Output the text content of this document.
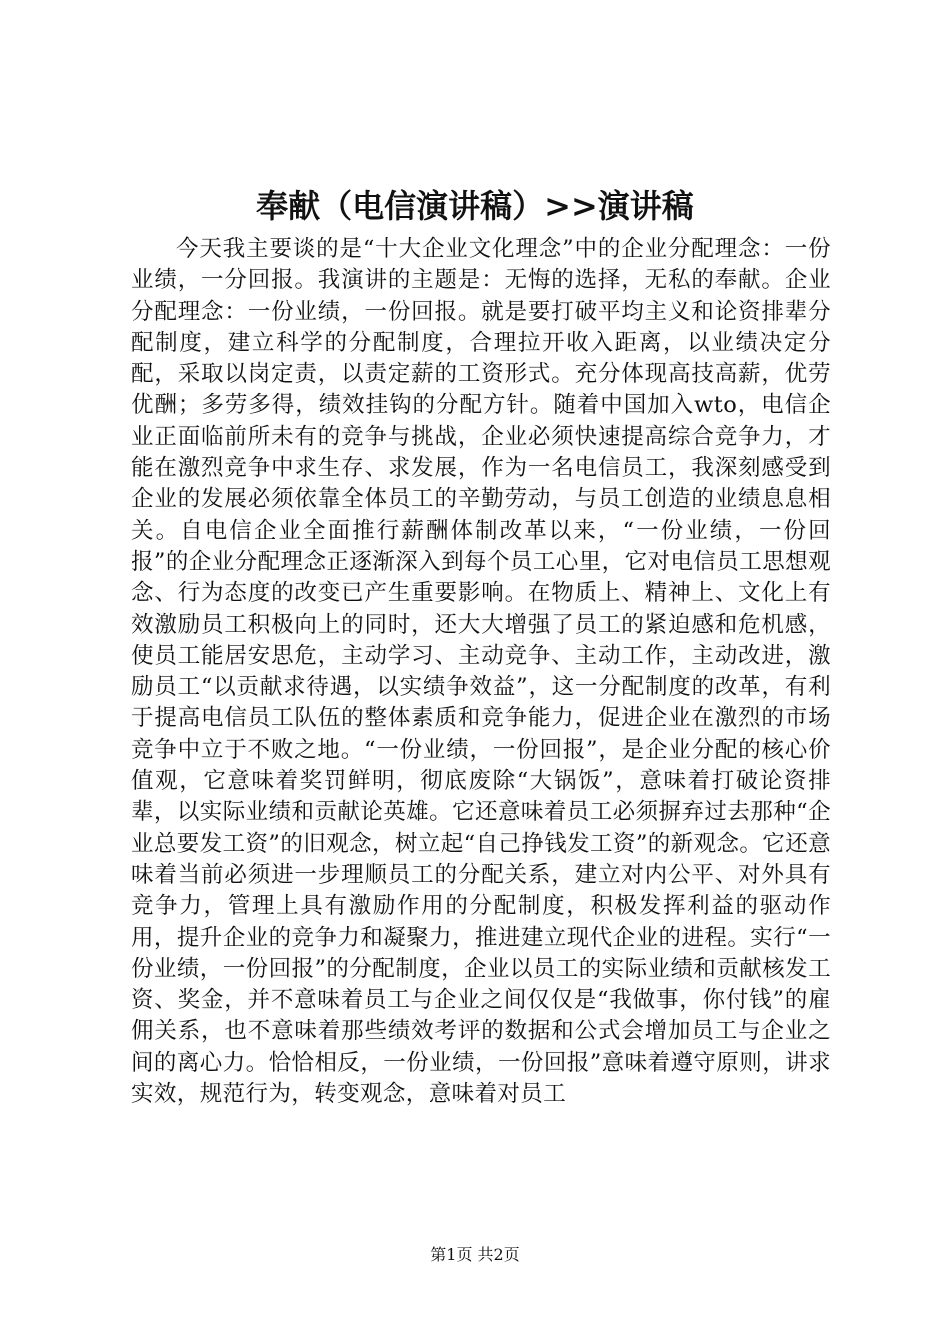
奉献（电信演讲稿）>>演讲稿

今天我主要谈的是“十大企业文化理念”中的企业分配理念：一份业绩，一分回报。我演讲的主题是：无悔的选择，无私的奉献。企业分配理念：一份业绩，一份回报。就是要打破平均主义和论资排辈分配制度，建立科学的分配制度，合理拉开收入距离，以业绩决定分配，采取以岗定责，以责定薪的工资形式。充分体现高技高薪，优劳优酬；多劳多得，绩效挂钩的分配方针。随着中国加入wto，电信企业正面临前所未有的竞争与挑战，企业必须快速提高综合竞争力，才能在激烈竞争中求生存、求发展，作为一名电信员工，我深刻感受到企业的发展必须依靠全体员工的辛勤劳动，与员工创造的业绩息息相关。自电信企业全面推行薪酬体制改革以来，“一份业绩，一份回报”的企业分配理念正逐渐深入到每个员工心里，它对电信员工思想观念、行为态度的改变已产生重要影响。在物质上、精神上、文化上有效激励员工积极向上的同时，还大大增强了员工的紧迫感和危机感，使员工能居安思危，主动学习、主动竞争、主动工作，主动改进，激励员工“以贡献求待遇，以实绩争效益”，这一分配制度的改革，有利于提高电信员工队伍的整体素质和竞争能力，促进企业在激烈的市场竞争中立于不败之地。“一份业绩，一份回报”，是企业分配的核心价值观，它意味着奖罚鲜明，彻底废除“大锅饭”，意味着打破论资排辈，以实际业绩和贡献论英雄。它还意味着员工必须摒弃过去那种“企业总要发工资”的旧观念，树立起“自己挣钱发工资”的新观念。它还意味着当前必须进一步理顺员工的分配关系，建立对内公平、对外具有竞争力，管理上具有激励作用的分配制度，积极发挥利益的驱动作用，提升企业的竞争力和凝聚力，推进建立现代企业的进程。实行“一份业绩，一份回报”的分配制度，企业以员工的实际业绩和贡献核发工资、奖金，并不意味着员工与企业之间仅仅是“我做事，你付钱”的雇佣关系，也不意味着那些绩效考评的数据和公式会增加员工与企业之间的离心力。恰恰相反，一份业绩，一份回报”意味着遵守原则，讲求实效，规范行为，转变观念，意味着对员工

第1页 共2页
